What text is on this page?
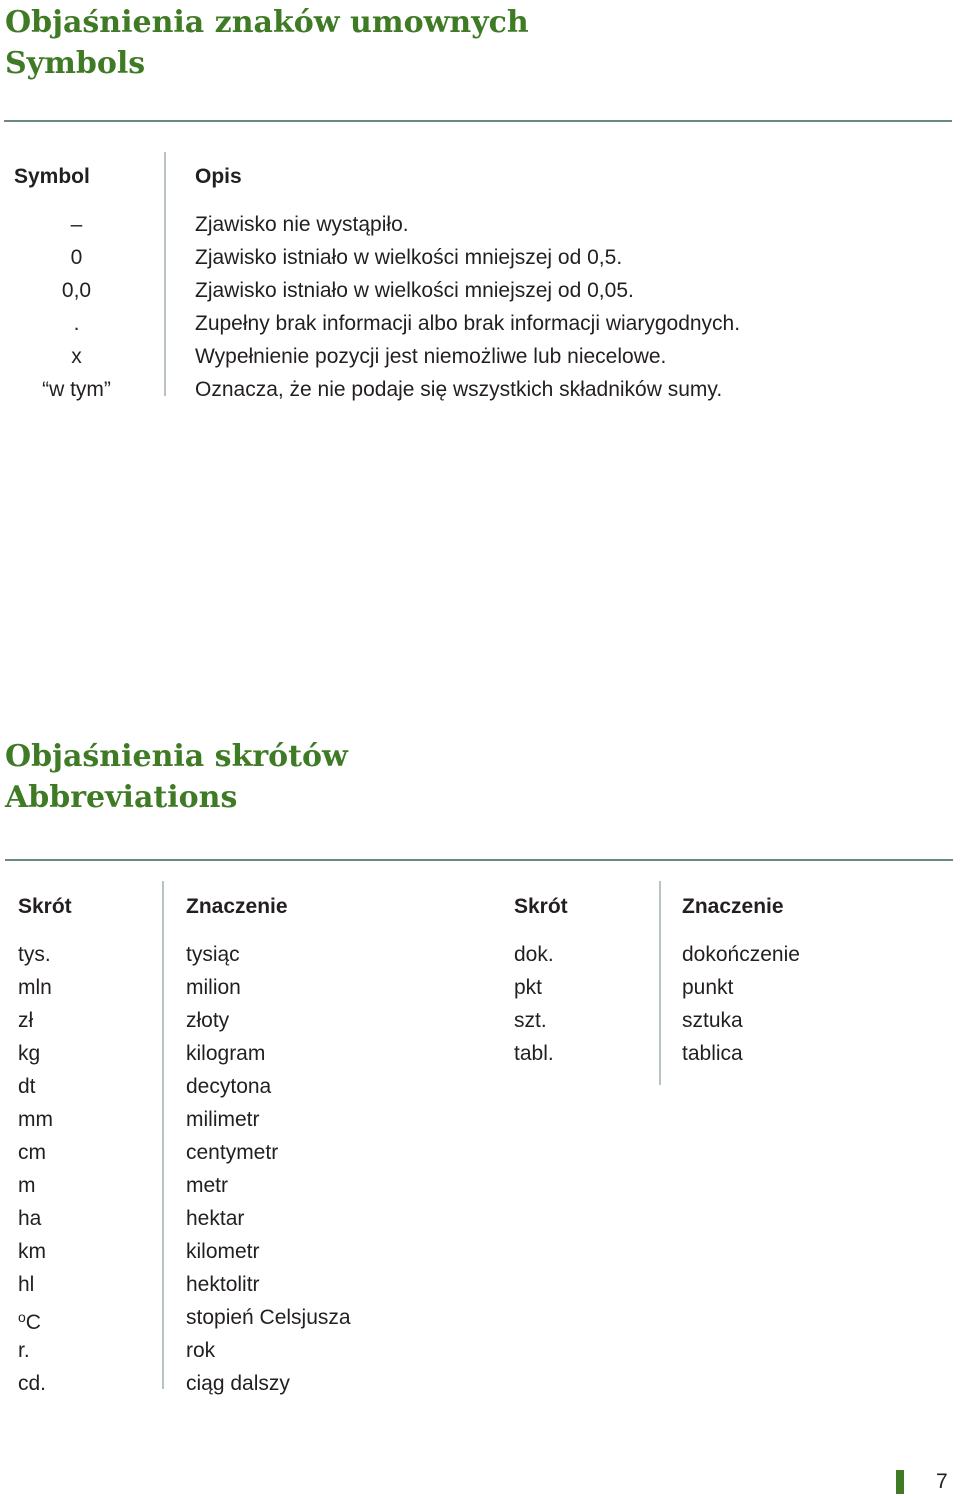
Objaśnienia znaków umownych
Symbols
Symbol
–
0
0,0
.
x
“w tym”
Opis
Zjawisko nie wystąpiło.
Zjawisko istniało w wielkości mniejszej od 0,5.
Zjawisko istniało w wielkości mniejszej od 0,05.
Zupełny brak informacji albo brak informacji wiarygodnych.
Wypełnienie pozycji jest niemożliwe lub niecelowe.
Oznacza, że nie podaje się wszystkich składników sumy.
Objaśnienia skrótów
Abbreviations
Skrót
tys.
mln
zł
kg
dt
mm
cm
m
ha
km
hl
$^o$C
r.
cd.
Znaczenie
tysiąc
milion
złoty
kilogram
decytona
milimetr
centymetr
metr
hektar
kilometr
hektolitr
stopień Celsjusza
rok
ciąg dalszy
Skrót
dok.
pkt
szt.
tabl.
Znaczenie
dokończenie
punkt
sztuka
tablica
7
